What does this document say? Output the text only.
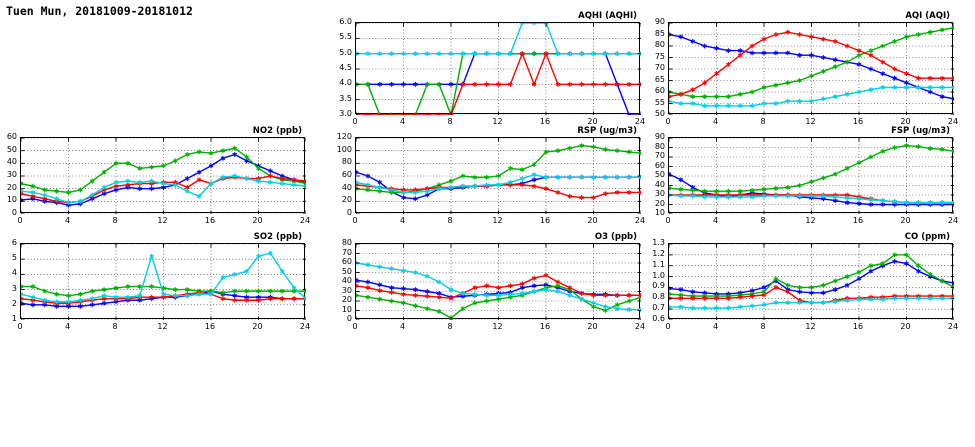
Tuen Mun, 20181009-20181012	AQHI (AQHI)
3.0
3.5
4.0
4.5
5.0
5.5
6.0
0	4	8	12	16	20	24
AQI (AQI)
50
55
60
65
70
75
80
85
90
0	4	8	12	16	20	24
NO2 (ppb)
0
10
20
30
40
50
60
0	4	8	12	16	20	24
RSP (ug/m3)
0
20
40
60
80
100
120
0	4	8	12	16	20	24
FSP (ug/m3)
10
20
30
40
50
60
70
80
90
0	4	8	12	16	20	24
SO2 (ppb)
1
2
3
4
5
6
0	4	8	12	16	20	24
O3 (ppb)
0
10
20
30
40
50
60
70
80
0	4	8	12	16	20	24
CO (ppm)
0.6
0.7
0.8
0.9
1.0
1.1
1.2
1.3
0	4	8	12	16	20	24
